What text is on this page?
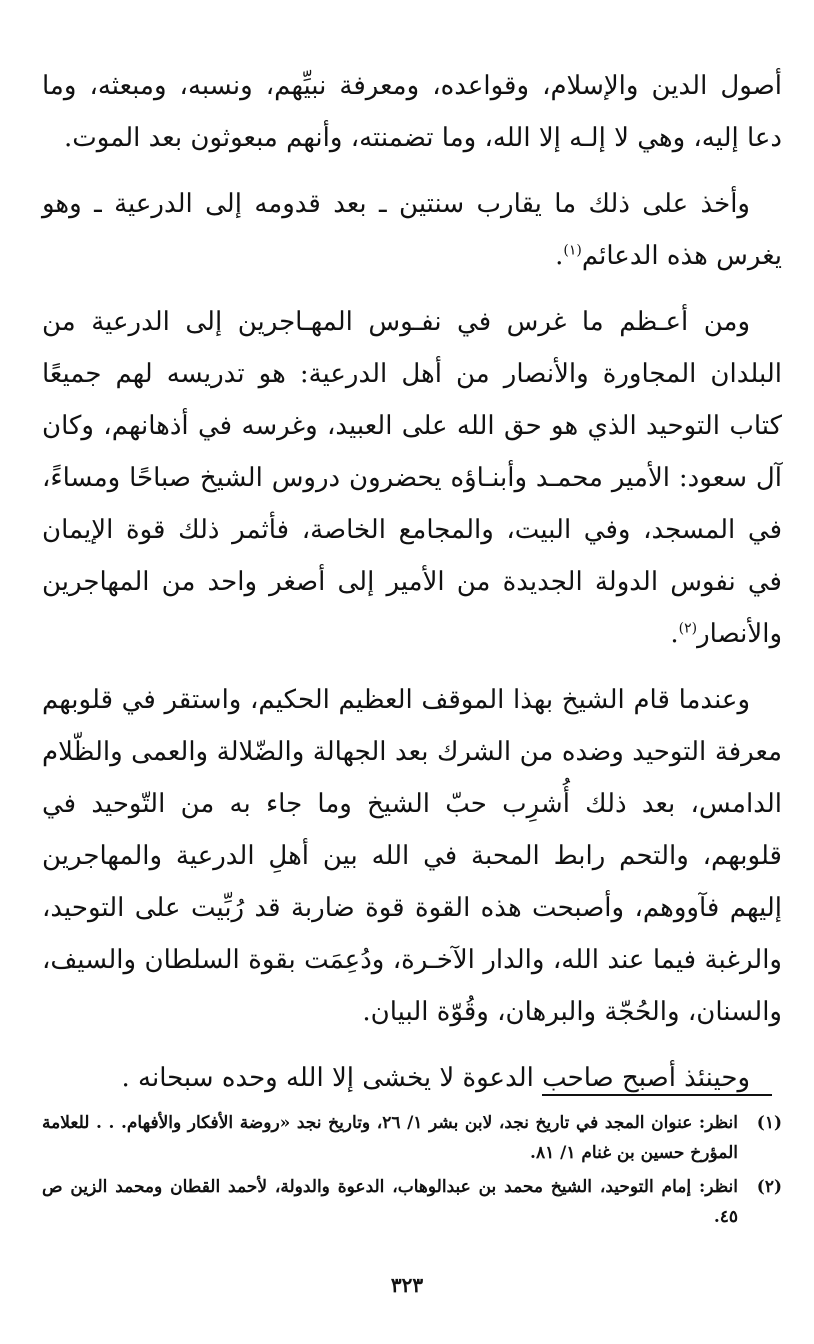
أصول الدين والإسلام، وقواعده، ومعرفة نبيِّهم، ونسبه، ومبعثه، وما دعا إليه، وهي لا إلـه إلا الله، وما تضمنته، وأنهم مبعوثون بعد الموت.

وأخذ على ذلك ما يقارب سنتين ـ بعد قدومه إلى الدرعية ـ وهو يغرس هذه الدعائم$^{(١)}$.

ومن أعـظم ما غرس في نفـوس المهـاجرين إلى الدرعية من البلدان المجاورة والأنصار من أهل الدرعية: هو تدريسه لهم جميعًا كتاب التوحيد الذي هو حق الله على العبيد، وغرسه في أذهانهم، وكان آل سعود: الأمير محمـد وأبنـاؤه يحضرون دروس الشيخ صباحًا ومساءً، في المسجد، وفي البيت، والمجامع الخاصة، فأثمر ذلك قوة الإيمان في نفوس الدولة الجديدة من الأمير إلى أصغر واحد من المهاجرين والأنصار$^{(٢)}$.

وعندما قام الشيخ بهذا الموقف العظيم الحكيم، واستقر في قلوبهم معرفة التوحيد وضده من الشرك بعد الجهالة والضّلالة والعمى والظّلام الدامس، بعد ذلك أُشرِب حبّ الشيخ وما جاء به من التّوحيد في قلوبهم، والتحم رابط المحبة في الله بين أهلِ الدرعية والمهاجرين إليهم فآووهم، وأصبحت هذه القوة قوة ضاربة قد رُبِّيت على التوحيد، والرغبة فيما عند الله، والدار الآخـرة، ودُعِمَت بقوة السلطان والسيف، والسنان، والحُجّة والبرهان، وقُوّة البيان.

وحينئذ أصبح صاحب الدعوة لا يخشى إلا الله وحده سبحانه .

(١)
انظر: عنوان المجد في تاريخ نجد، لابن بشر ١/ ٢٦، وتاريخ نجد «روضة الأفكار والأفهام. . . للعلامة المؤرخ حسين بن غنام ١/ ٨١.
(٢)
انظر: إمام التوحيد، الشيخ محمد بن عبدالوهاب، الدعوة والدولة، لأحمد القطان ومحمد الزين ص ٤٥.
٣٢٣
